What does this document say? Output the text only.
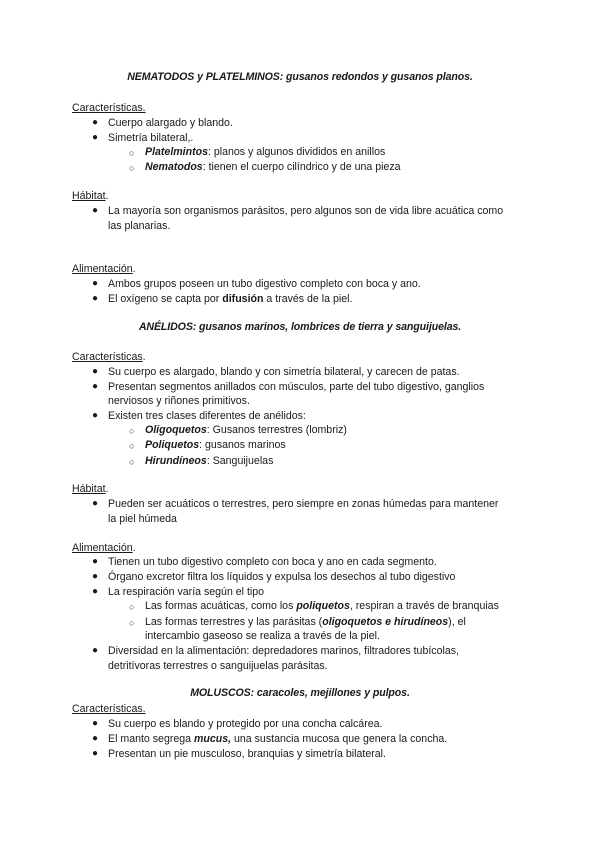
NEMATODOS y PLATELMINOS: gusanos redondos y gusanos planos.
Características.
● Cuerpo alargado y blando.
● Simetría bilateral,.
○ Platelmintos: planos y algunos divididos en anillos
○ Nematodos: tienen el cuerpo cilíndrico y de una pieza
Hábitat.
● La mayoría son organismos parásitos, pero algunos son de vida libre acuática como
las planarias.
Alimentación.
● Ambos grupos poseen un tubo digestivo completo con boca y ano.
● El oxígeno se capta por difusión a través de la piel.
ANÉLIDOS: gusanos marinos, lombrices de tierra y sanguijuelas.
Características.
● Su cuerpo es alargado, blando y con simetría bilateral, y carecen de patas.
● Presentan segmentos anillados con músculos, parte del tubo digestivo, ganglios
nerviosos y riñones primitivos.
● Existen tres clases diferentes de anélidos:
○ Oligoquetos: Gusanos terrestres (lombriz)
○ Poliquetos: gusanos marinos
○ Hirundíneos: Sanguijuelas
Hábitat.
● Pueden ser acuáticos o terrestres, pero siempre en zonas húmedas para mantener
la piel húmeda
Alimentación.
● Tienen un tubo digestivo completo con boca y ano en cada segmento.
● Órgano excretor filtra los líquidos y expulsa los desechos al tubo digestivo
● La respiración varía según el tipo
○ Las formas acuáticas, como los poliquetos, respiran a través de branquias
○ Las formas terrestres y las parásitas (oligoquetos e hirudíneos), el
intercambio gaseoso se realiza a través de la piel.
● Diversidad en la alimentación: depredadores marinos, filtradores tubícolas,
detritívoras terrestres o sanguijuelas parásitas.
MOLUSCOS: caracoles, mejillones y pulpos.
Características.
● Su cuerpo es blando y protegido por una concha calcárea.
● El manto segrega mucus, una sustancia mucosa que genera la concha.
● Presentan un pie musculoso, branquias y simetría bilateral.
